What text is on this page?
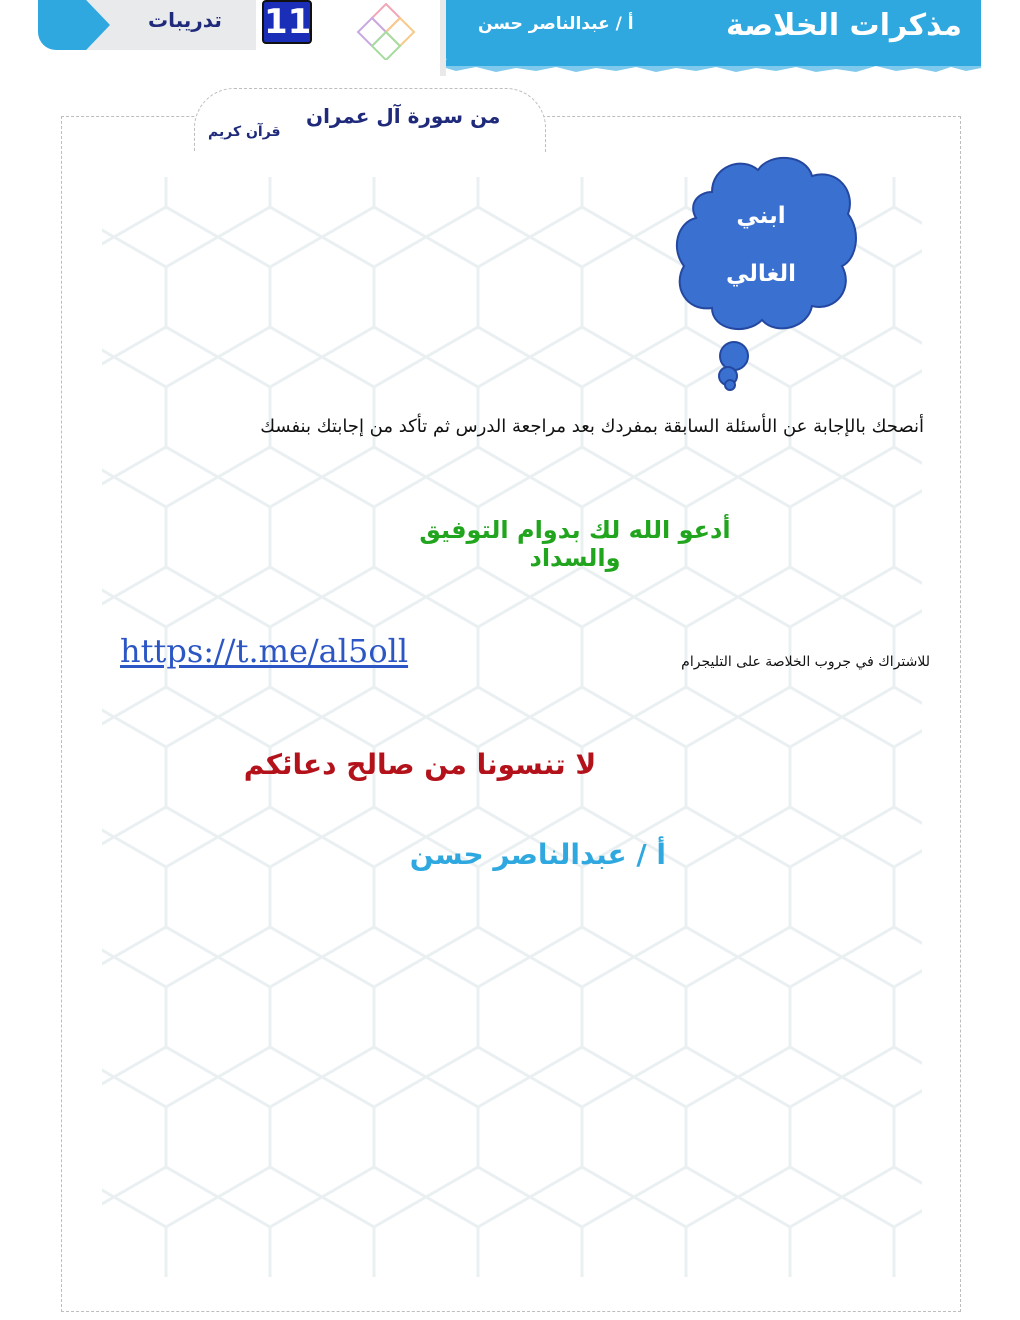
مذكرات الخلاصة
أ / عبدالناصر حسن
تدريبات 11
من سورة آل عمران
قرآن كريم
ابني
الغالي
أنصحك بالإجابة عن الأسئلة السابقة بمفردك بعد مراجعة الدرس ثم تأكد من إجابتك بنفسك
أدعو الله لك بدوام التوفيق والسداد
https://t.me/al5oll	للاشتراك في جروب الخلاصة على التليجرام
لا تنسونا من صالح دعائكم
أ / عبدالناصر حسن
